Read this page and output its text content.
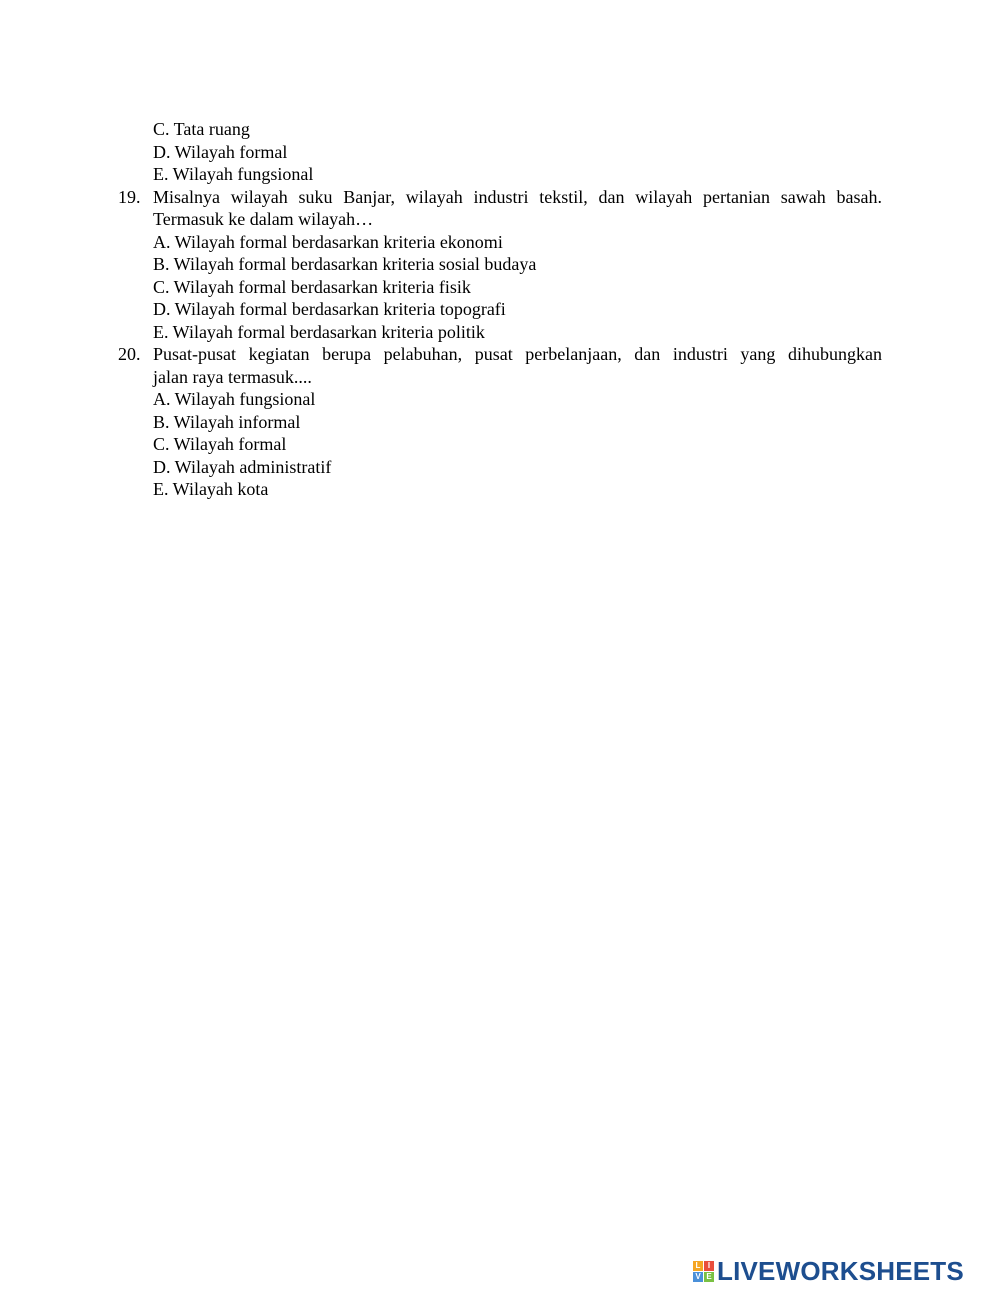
C. Tata ruang
D. Wilayah formal
E. Wilayah fungsional
19. Misalnya wilayah suku Banjar, wilayah industri tekstil, dan wilayah pertanian sawah basah.
Termasuk ke dalam wilayah…
A. Wilayah formal berdasarkan kriteria ekonomi
B. Wilayah formal berdasarkan kriteria sosial budaya
C. Wilayah formal berdasarkan kriteria fisik
D. Wilayah formal berdasarkan kriteria topografi
E. Wilayah formal berdasarkan kriteria politik
20. Pusat-pusat kegiatan berupa pelabuhan, pusat perbelanjaan, dan industri yang dihubungkan
jalan raya termasuk....
A. Wilayah fungsional
B. Wilayah informal
C. Wilayah formal
D. Wilayah administratif
E. Wilayah kota
L I
V E LIVEWORKSHEETS
